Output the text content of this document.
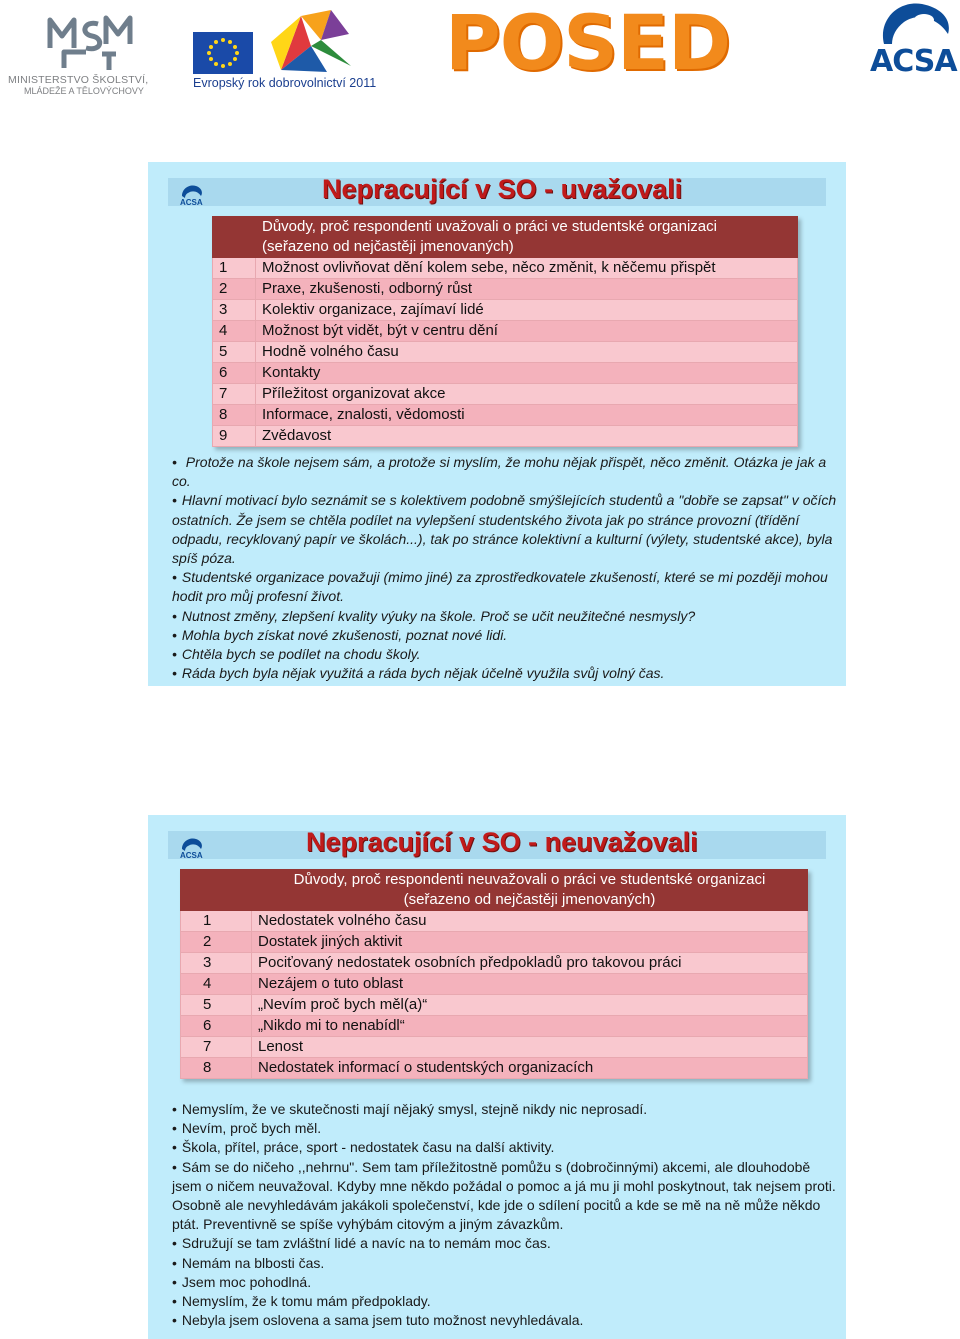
MINISTERSTVO ŠKOLSTVÍ,
MLÁDEŽE A TĚLOVÝCHOVY
Evropský rok dobrovolnictví 2011 POSED	ACSA
ACSA	Nepracující v SO - uvažovali

	Důvody, proč respondenti uvažovali o práci ve studentské organizaci
(seřazeno od nejčastěji jmenovaných)

1	Možnost ovlivňovat dění kolem sebe, něco změnit, k něčemu přispět
2	Praxe, zkušenosti, odborný růst
3	Kolektiv organizace, zajímaví lidé
4	Možnost být vidět, být v centru dění
5	Hodně volného času
6	Kontakty
7	Příležitost organizovat akce
8	Informace, znalosti, vědomosti
9	Zvědavost
• Protože na škole nejsem sám, a protože si myslím, že mohu nějak přispět, něco změnit. Otázka je jak a co.
• Hlavní motivací bylo seznámit se s kolektivem podobně smýšlejících studentů a "dobře se zapsat" v očích ostatních. Že jsem se chtěla podílet na vylepšení studentského života jak po stránce provozní (třídění odpadu, recyklovaný papír ve školách...), tak po stránce kolektivní a kulturní (výlety, studentské akce), byla spíš póza.
• Studentské organizace považuji (mimo jiné) za zprostředkovatele zkušeností, které se mi později mohou hodit pro můj profesní život.
• Nutnost změny, zlepšení kvality výuky na škole. Proč se učit neužitečné nesmysly?
• Mohla bych získat nové zkušenosti, poznat nové lidi.
• Chtěla bych se podílet na chodu školy.
• Ráda bych byla nějak využitá a ráda bych nějak účelně využila svůj volný čas.
ACSA	Nepracující v SO - neuvažovali

	Důvody, proč respondenti neuvažovali o práci ve studentské organizaci
(seřazeno od nejčastěji jmenovaných)

1	Nedostatek volného času
2	Dostatek jiných aktivit
3	Pociťovaný nedostatek osobních předpokladů pro takovou práci
4	Nezájem o tuto oblast
5	„Nevím proč bych měl(a)“
6	„Nikdo mi to nenabídl“
7	Lenost
8	Nedostatek informací o studentských organizacích
• Nemyslím, že ve skutečnosti mají nějaký smysl, stejně nikdy nic neprosadí.
• Nevím, proč bych měl.
• Škola, přítel, práce, sport - nedostatek času na další aktivity.
• Sám se do ničeho ,,nehrnu". Sem tam příležitostně pomůžu s (dobročinnými) akcemi, ale dlouhodobě jsem o ničem neuvažoval. Kdyby mne někdo požádal o pomoc a já mu ji mohl poskytnout, tak nejsem proti. Osobně ale nevyhledávám jakákoli společenství, kde jde o sdílení pocitů a kde se mě na ně může někdo ptát. Preventivně se spíše vyhýbám citovým a jiným závazkům.
• Sdružují se tam zvláštní lidé a navíc na to nemám moc čas.
• Nemám na blbosti čas.
• Jsem moc pohodlná.
• Nemyslím, že k tomu mám předpoklady.
• Nebyla jsem oslovena a sama jsem tuto možnost nevyhledávala.
